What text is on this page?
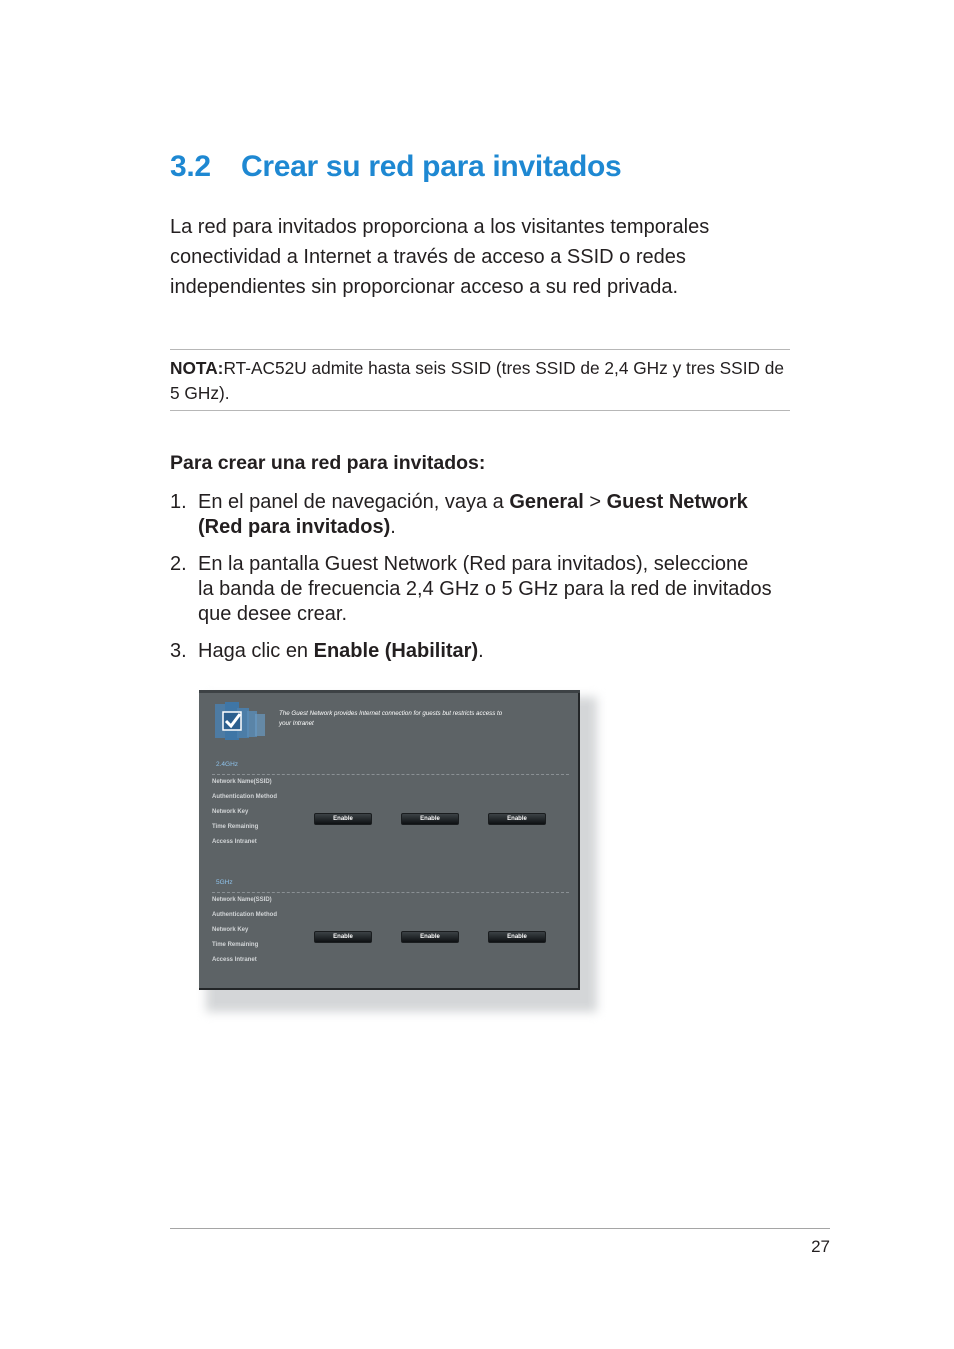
3.2 Crear su red para invitados
La red para invitados proporciona a los visitantes temporales
conectividad a Internet a través de acceso a SSID o redes
independientes sin proporcionar acceso a su red privada.
NOTA:RT-AC52U admite hasta seis SSID (tres SSID de 2,4 GHz y tres SSID de 5 GHz).
Para crear una red para invitados:
1. En el panel de navegación, vaya a General > Guest Network
(Red para invitados).
2. En la pantalla Guest Network (Red para invitados), seleccione
la banda de frecuencia 2,4 GHz o 5 GHz para la red de invitados
que desee crear.
3. Haga clic en Enable (Habilitar).
The Guest Network provides Internet connection for guests but restricts access to
your Intranet
2.4GHz
Network Name(SSID)
Authentication Method
Network Key
Time Remaining
Access Intranet
Enable	Enable	Enable
5GHz
Network Name(SSID)
Authentication Method
Network Key
Time Remaining
Access Intranet
Enable	Enable	Enable
27
